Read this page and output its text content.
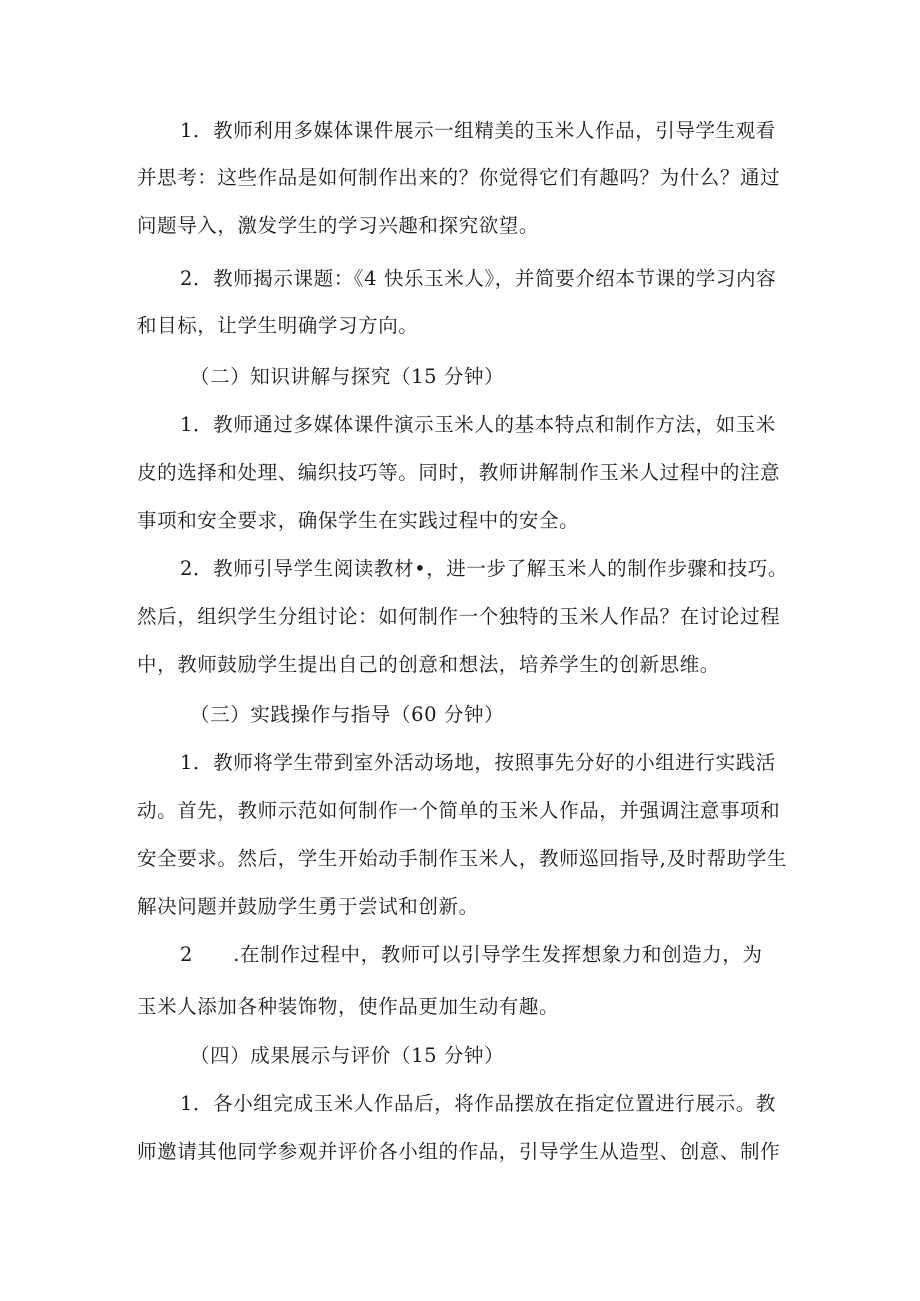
1．教师利用多媒体课件展示一组精美的玉米人作品，引导学生观看
并思考：这些作品是如何制作出来的？你觉得它们有趣吗？为什么？通过
问题导入，激发学生的学习兴趣和探究欲望。
2．教师揭示课题：《4 快乐玉米人》，并简要介绍本节课的学习内容
和目标，让学生明确学习方向。
（二）知识讲解与探究（15 分钟）
1．教师通过多媒体课件演示玉米人的基本特点和制作方法，如玉米
皮的选择和处理、编织技巧等。同时，教师讲解制作玉米人过程中的注意
事项和安全要求，确保学生在实践过程中的安全。
2．教师引导学生阅读教材•，进一步了解玉米人的制作步骤和技巧。
然后，组织学生分组讨论：如何制作一个独特的玉米人作品？在讨论过程
中，教师鼓励学生提出自己的创意和想法，培养学生的创新思维。
（三）实践操作与指导（60 分钟）
1．教师将学生带到室外活动场地，按照事先分好的小组进行实践活
动。首先，教师示范如何制作一个简单的玉米人作品，并强调注意事项和
安全要求。然后，学生开始动手制作玉米人，教师巡回指导,及时帮助学生
解决问题并鼓励学生勇于尝试和创新。
2　　.在制作过程中，教师可以引导学生发挥想象力和创造力，为
玉米人添加各种装饰物，使作品更加生动有趣。
（四）成果展示与评价（15 分钟）
1．各小组完成玉米人作品后，将作品摆放在指定位置进行展示。教
师邀请其他同学参观并评价各小组的作品，引导学生从造型、创意、制作
